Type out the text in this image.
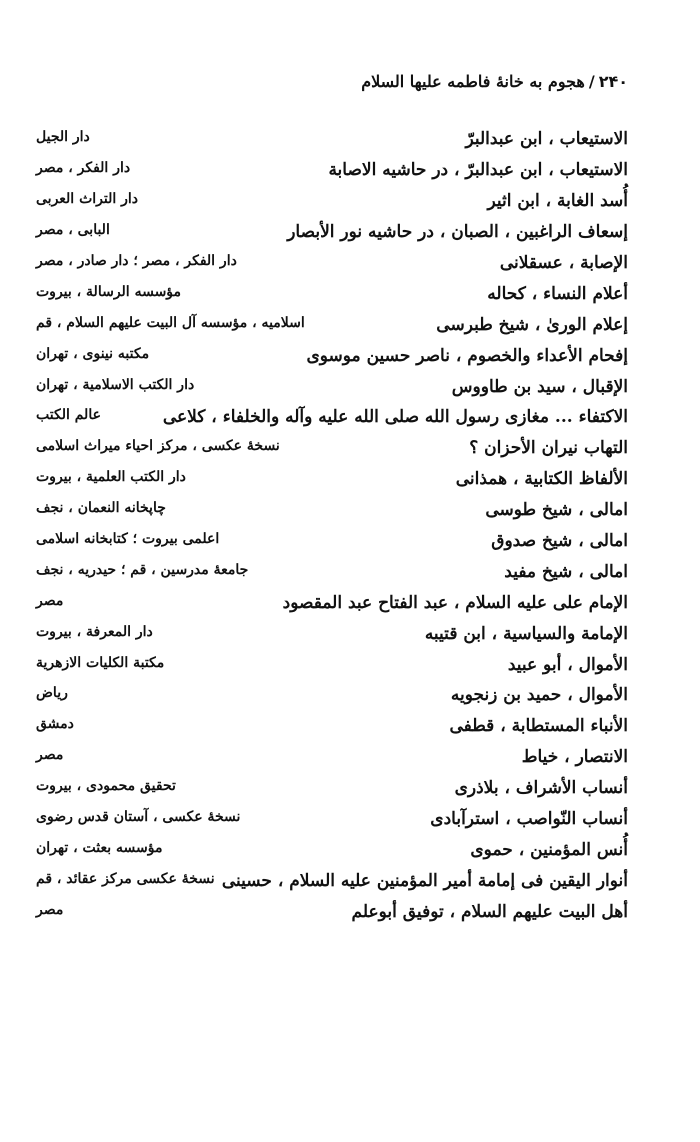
٢۴٠/هجوم به خانهٔ فاطمه عليها السلام
الاستيعاب ، ابن عبدالبرّ
دار الجيل
الاستيعاب ، ابن عبدالبرّ ، در حاشيه الاصابة
دار الفكر ، مصر
أُسد الغابة ، ابن اثير
دار التراث العربى
إسعاف الراغبين ، الصبان ، در حاشيه نور الأبصار
البابى ، مصر
الإصابة ، عسقلانى
دار الفكر ، مصر ؛ دار صادر ، مصر
أعلام النساء ، كحاله
مؤسسه الرسالة ، بيروت
إعلام الورىٰ ، شيخ طبرسى
اسلاميه ، مؤسسه آل البيت عليهم السلام ، قم
إفحام الأعداء والخصوم ، ناصر حسين موسوى
مكتبه نينوى ، تهران
الإقبال ، سيد بن طاووس
دار الكتب الاسلامية ، تهران
الاكتفاء ... مغازى رسول الله صلى الله عليه وآله والخلفاء ، كلاعى
عالم الكتب
التهاب نيران الأحزان ؟
نسخهٔ عكسى ، مركز احياء ميراث اسلامى
الألفاظ الكتابية ، همذانى
دار الكتب العلمية ، بيروت
امالى ، شيخ طوسى
چاپخانه النعمان ، نجف
امالى ، شيخ صدوق
اعلمى بيروت ؛ كتابخانه اسلامى
امالى ، شيخ مفيد
جامعهٔ مدرسين ، قم ؛ حيدريه ، نجف
الإمام على عليه السلام ، عبد الفتاح عبد المقصود
مصر
الإمامة والسياسية ، ابن قتيبه
دار المعرفة ، بيروت
الأموال ، أبو عبيد
مكتبة الكليات الازهرية
الأموال ، حميد بن زنجويه
رياض
الأنباء المستطابة ، قطفى
دمشق
الانتصار ، خياط
مصر
أنساب الأشراف ، بلاذرى
تحقيق محمودى ، بيروت
أنساب النّواصب ، استرآبادى
نسخهٔ عكسى ، آستان قدس رضوى
أُنس المؤمنين ، حموى
مؤسسه بعثت ، تهران
أنوار اليقين فى إمامة أمير المؤمنين عليه السلام ، حسينى
نسخهٔ عكسى مركز عقائد ، قم
أهل البيت عليهم السلام ، توفيق أبوعلم
مصر
